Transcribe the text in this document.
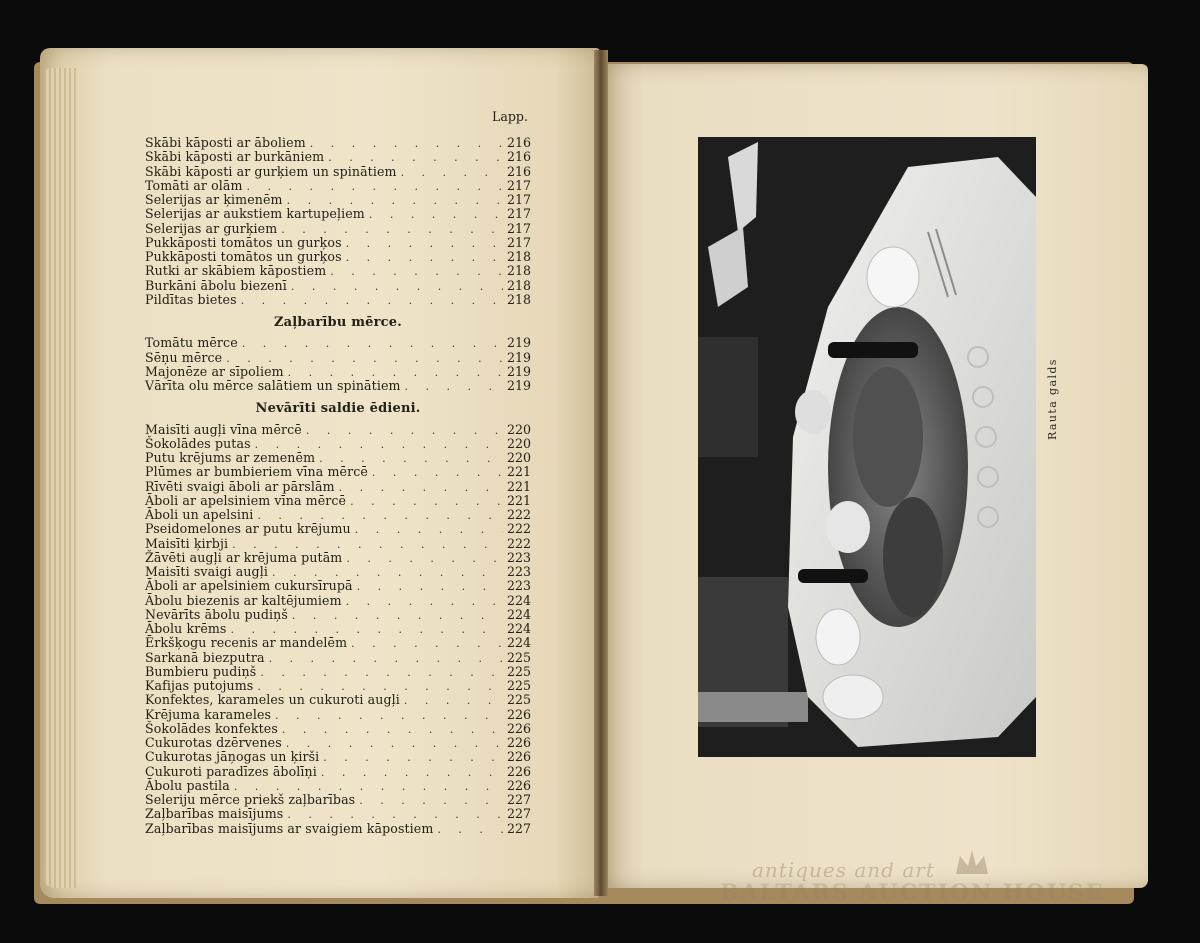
Lapp.
Skābi kāposti ar āboliem . . .	216
Skābi kāposti ar burkāniem . . .	216
Skābi kāposti ar gurķiem un spinātiem . . .	216
Tomāti ar olām . . .	217
Selerijas ar ķimenēm . . .	217
Selerijas ar aukstiem kartupeļiem . . .	217
Selerijas ar gurķiem . . .	217
Pukkāposti tomātos un gurķos . . .	217
Pukkāposti tomātos un gurķos . . .	218
Rutki ar skābiem kāpostiem . . .	218
Burkāni ābolu biezenī . . .	218
Pildītas bietes . . .	218
Zaļbarību mērce.
Tomātu mērce . . .	219
Sēņu mērce . . .	219
Majonēze ar sīpoliem . . .	219
Vārīta olu mērce salātiem un spinātiem . . .	219
Nevārīti saldie ēdieni.
Maisīti augļi vīna mērcē . . .	220
Šokolādes putas . . .	220
Putu krējums ar zemenēm . . .	220
Plūmes ar bumbieriem vīna mērcē . . .	221
Rīvēti svaigi āboli ar pārslām . . .	221
Āboli ar apelsiniem vīna mērcē . . .	221
Āboli un apelsini . . .	222
Pseidomelones ar putu krējumu . . .	222
Maisīti ķirbji . . .	222
Žāvēti augļi ar krējuma putām . . .	223
Maisīti svaigi augļi . . .	223
Āboli ar apelsiniem cukursīrupā . . .	223
Ābolu biezenis ar kaltējumiem . . .	224
Nevārīts ābolu pudiņš . . .	224
Ābolu krēms . . .	224
Ērkšķogu recenis ar mandelēm . . .	224
Sarkanā biezputra . . .	225
Bumbieru pudiņš . . .	225
Kafijas putojums . . .	225
Konfektes, karameles un cukuroti augļi . . .	225
Krējuma karameles . . .	226
Šokolādes konfektes . . .	226
Cukurotas dzērvenes . . .	226
Cukurotas jāņogas un ķirši . . .	226
Cukuroti paradīzes ābolīņi . . .	226
Ābolu pastila . . .	226
Seleriju mērce priekš zaļbarības . . .	227
Zaļbarības maisījums . . .	227
Zaļbarības maisījums ar svaigiem kāpostiem . . .	227
Rauta galds
antiques and art
BALTARS AUCTION HOUSE
